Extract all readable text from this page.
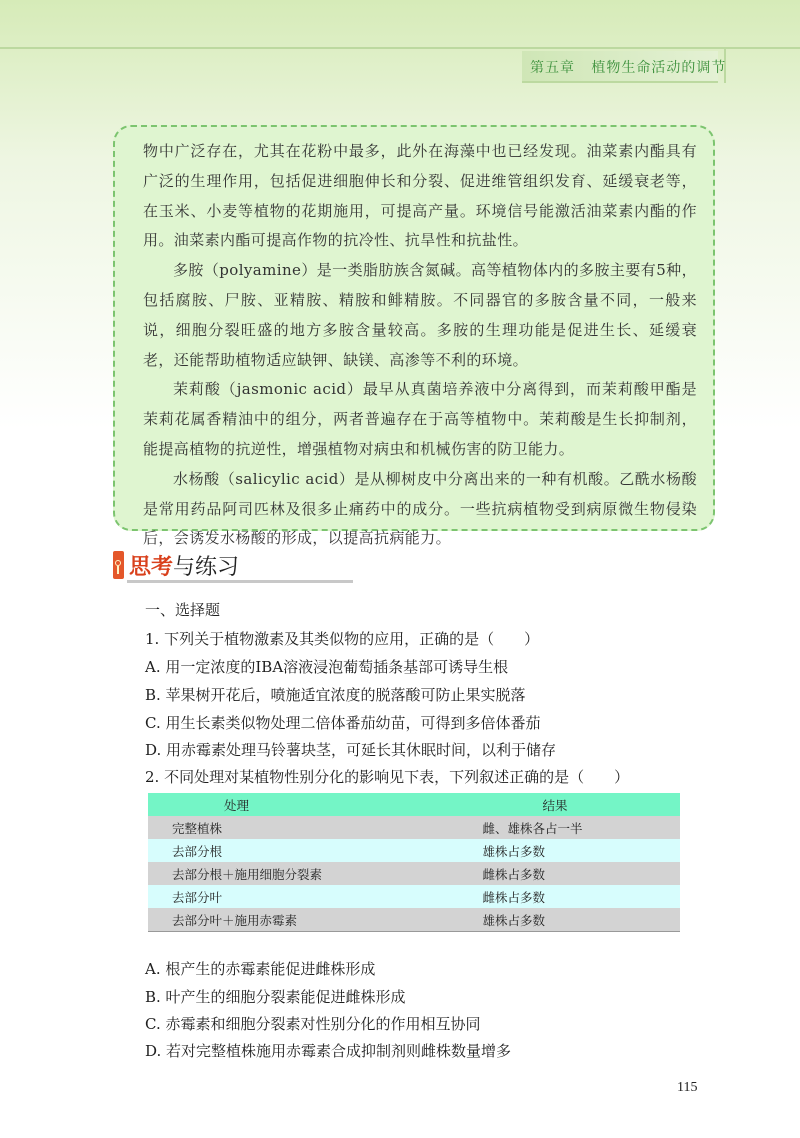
第五章 植物生命活动的调节

物中广泛存在，尤其在花粉中最多，此外在海藻中也已经发现。油菜素内酯具有广泛的生理作用，包括促进细胞伸长和分裂、促进维管组织发育、延缓衰老等，在玉米、小麦等植物的花期施用，可提高产量。环境信号能激活油菜素内酯的作用。油菜素内酯可提高作物的抗冷性、抗旱性和抗盐性。

多胺（polyamine）是一类脂肪族含氮碱。高等植物体内的多胺主要有5种，包括腐胺、尸胺、亚精胺、精胺和鲱精胺。不同器官的多胺含量不同，一般来说，细胞分裂旺盛的地方多胺含量较高。多胺的生理功能是促进生长、延缓衰老，还能帮助植物适应缺钾、缺镁、高渗等不利的环境。

茉莉酸（jasmonic acid）最早从真菌培养液中分离得到，而茉莉酸甲酯是茉莉花属香精油中的组分，两者普遍存在于高等植物中。茉莉酸是生长抑制剂，能提高植物的抗逆性，增强植物对病虫和机械伤害的防卫能力。

水杨酸（salicylic acid）是从柳树皮中分离出来的一种有机酸。乙酰水杨酸是常用药品阿司匹林及很多止痛药中的成分。一些抗病植物受到病原微生物侵染后，会诱发水杨酸的形成，以提高抗病能力。

思考与练习
一、选择题
1. 下列关于植物激素及其类似物的应用，正确的是（　　）
A. 用一定浓度的IBA溶液浸泡葡萄插条基部可诱导生根
B. 苹果树开花后，喷施适宜浓度的脱落酸可防止果实脱落
C. 用生长素类似物处理二倍体番茄幼苗，可得到多倍体番茄
D. 用赤霉素处理马铃薯块茎，可延长其休眠时间，以利于储存
2. 不同处理对某植物性别分化的影响见下表，下列叙述正确的是（　　）
处理	结果
完整植株	雌、雄株各占一半
去部分根	雄株占多数
去部分根＋施用细胞分裂素	雌株占多数
去部分叶	雌株占多数
去部分叶＋施用赤霉素	雄株占多数
A. 根产生的赤霉素能促进雌株形成
B. 叶产生的细胞分裂素能促进雌株形成
C. 赤霉素和细胞分裂素对性别分化的作用相互协同
D. 若对完整植株施用赤霉素合成抑制剂则雌株数量增多
115
